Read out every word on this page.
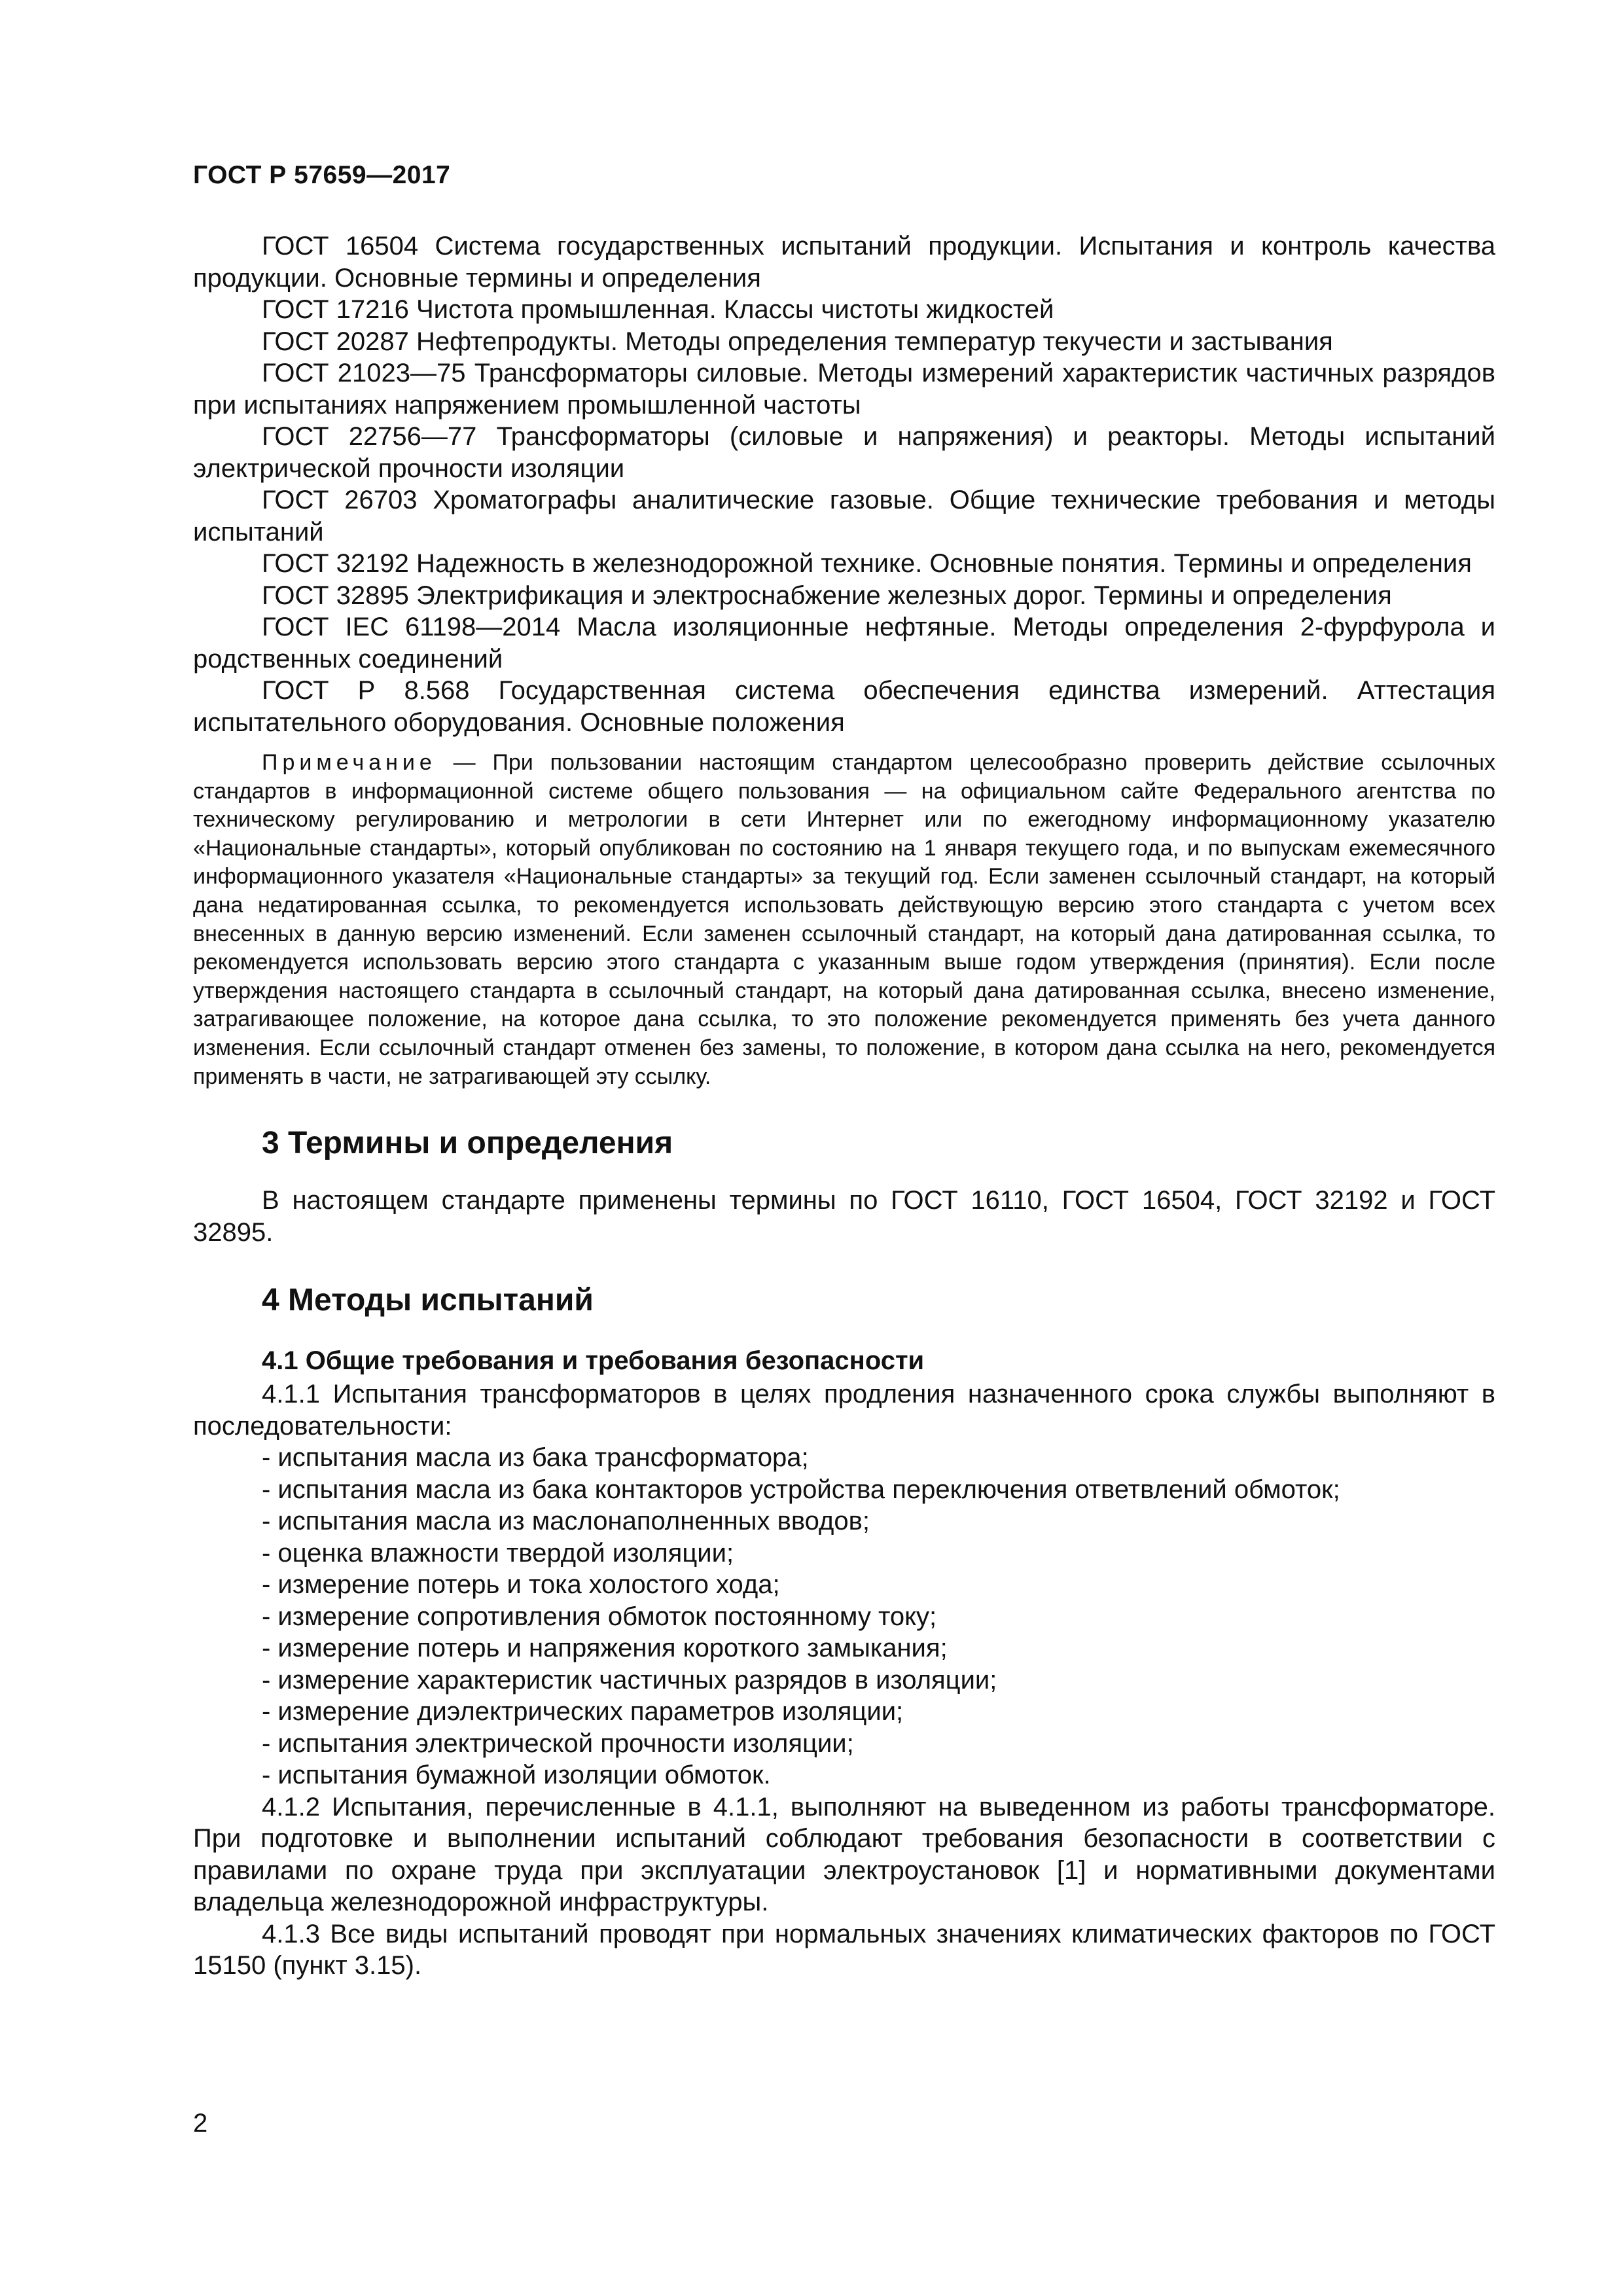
ГОСТ Р 57659—2017

ГОСТ 16504 Система государственных испытаний продукции. Испытания и контроль качества продукции. Основные термины и определения

ГОСТ 17216 Чистота промышленная. Классы чистоты жидкостей

ГОСТ 20287 Нефтепродукты. Методы определения температур текучести и застывания

ГОСТ 21023—75 Трансформаторы силовые. Методы измерений характеристик частичных разрядов при испытаниях напряжением промышленной частоты

ГОСТ 22756—77 Трансформаторы (силовые и напряжения) и реакторы. Методы испытаний электрической прочности изоляции

ГОСТ 26703 Хроматографы аналитические газовые. Общие технические требования и методы испытаний

ГОСТ 32192 Надежность в железнодорожной технике. Основные понятия. Термины и определения

ГОСТ 32895 Электрификация и электроснабжение железных дорог. Термины и определения

ГОСТ IEC 61198—2014 Масла изоляционные нефтяные. Методы определения 2-фурфурола и родственных соединений

ГОСТ Р 8.568 Государственная система обеспечения единства измерений. Аттестация испытательного оборудования. Основные положения

Примечание — При пользовании настоящим стандартом целесообразно проверить действие ссылочных стандартов в информационной системе общего пользования — на официальном сайте Федерального агентства по техническому регулированию и метрологии в сети Интернет или по ежегодному информационному указателю «Национальные стандарты», который опубликован по состоянию на 1 января текущего года, и по выпускам ежемесячного информационного указателя «Национальные стандарты» за текущий год. Если заменен ссылочный стандарт, на который дана недатированная ссылка, то рекомендуется использовать действующую версию этого стандарта с учетом всех внесенных в данную версию изменений. Если заменен ссылочный стандарт, на который дана датированная ссылка, то рекомендуется использовать версию этого стандарта с указанным выше годом утверждения (принятия). Если после утверждения настоящего стандарта в ссылочный стандарт, на который дана датированная ссылка, внесено изменение, затрагивающее положение, на которое дана ссылка, то это положение рекомендуется применять без учета данного изменения. Если ссылочный стандарт отменен без замены, то положение, в котором дана ссылка на него, рекомендуется применять в части, не затрагивающей эту ссылку.

3 Термины и определения

В настоящем стандарте применены термины по ГОСТ 16110, ГОСТ 16504, ГОСТ 32192 и ГОСТ 32895.

4 Методы испытаний

4.1 Общие требования и требования безопасности

4.1.1 Испытания трансформаторов в целях продления назначенного срока службы выполняют в последовательности:

- испытания масла из бака трансформатора;

- испытания масла из бака контакторов устройства переключения ответвлений обмоток;

- испытания масла из маслонаполненных вводов;

- оценка влажности твердой изоляции;

- измерение потерь и тока холостого хода;

- измерение сопротивления обмоток постоянному току;

- измерение потерь и напряжения короткого замыкания;

- измерение характеристик частичных разрядов в изоляции;

- измерение диэлектрических параметров изоляции;

- испытания электрической прочности изоляции;

- испытания бумажной изоляции обмоток.

4.1.2 Испытания, перечисленные в 4.1.1, выполняют на выведенном из работы трансформаторе. При подготовке и выполнении испытаний соблюдают требования безопасности в соответствии с правилами по охране труда при эксплуатации электроустановок [1] и нормативными документами владельца железнодорожной инфраструктуры.

4.1.3 Все виды испытаний проводят при нормальных значениях климатических факторов по ГОСТ 15150 (пункт 3.15).

2
